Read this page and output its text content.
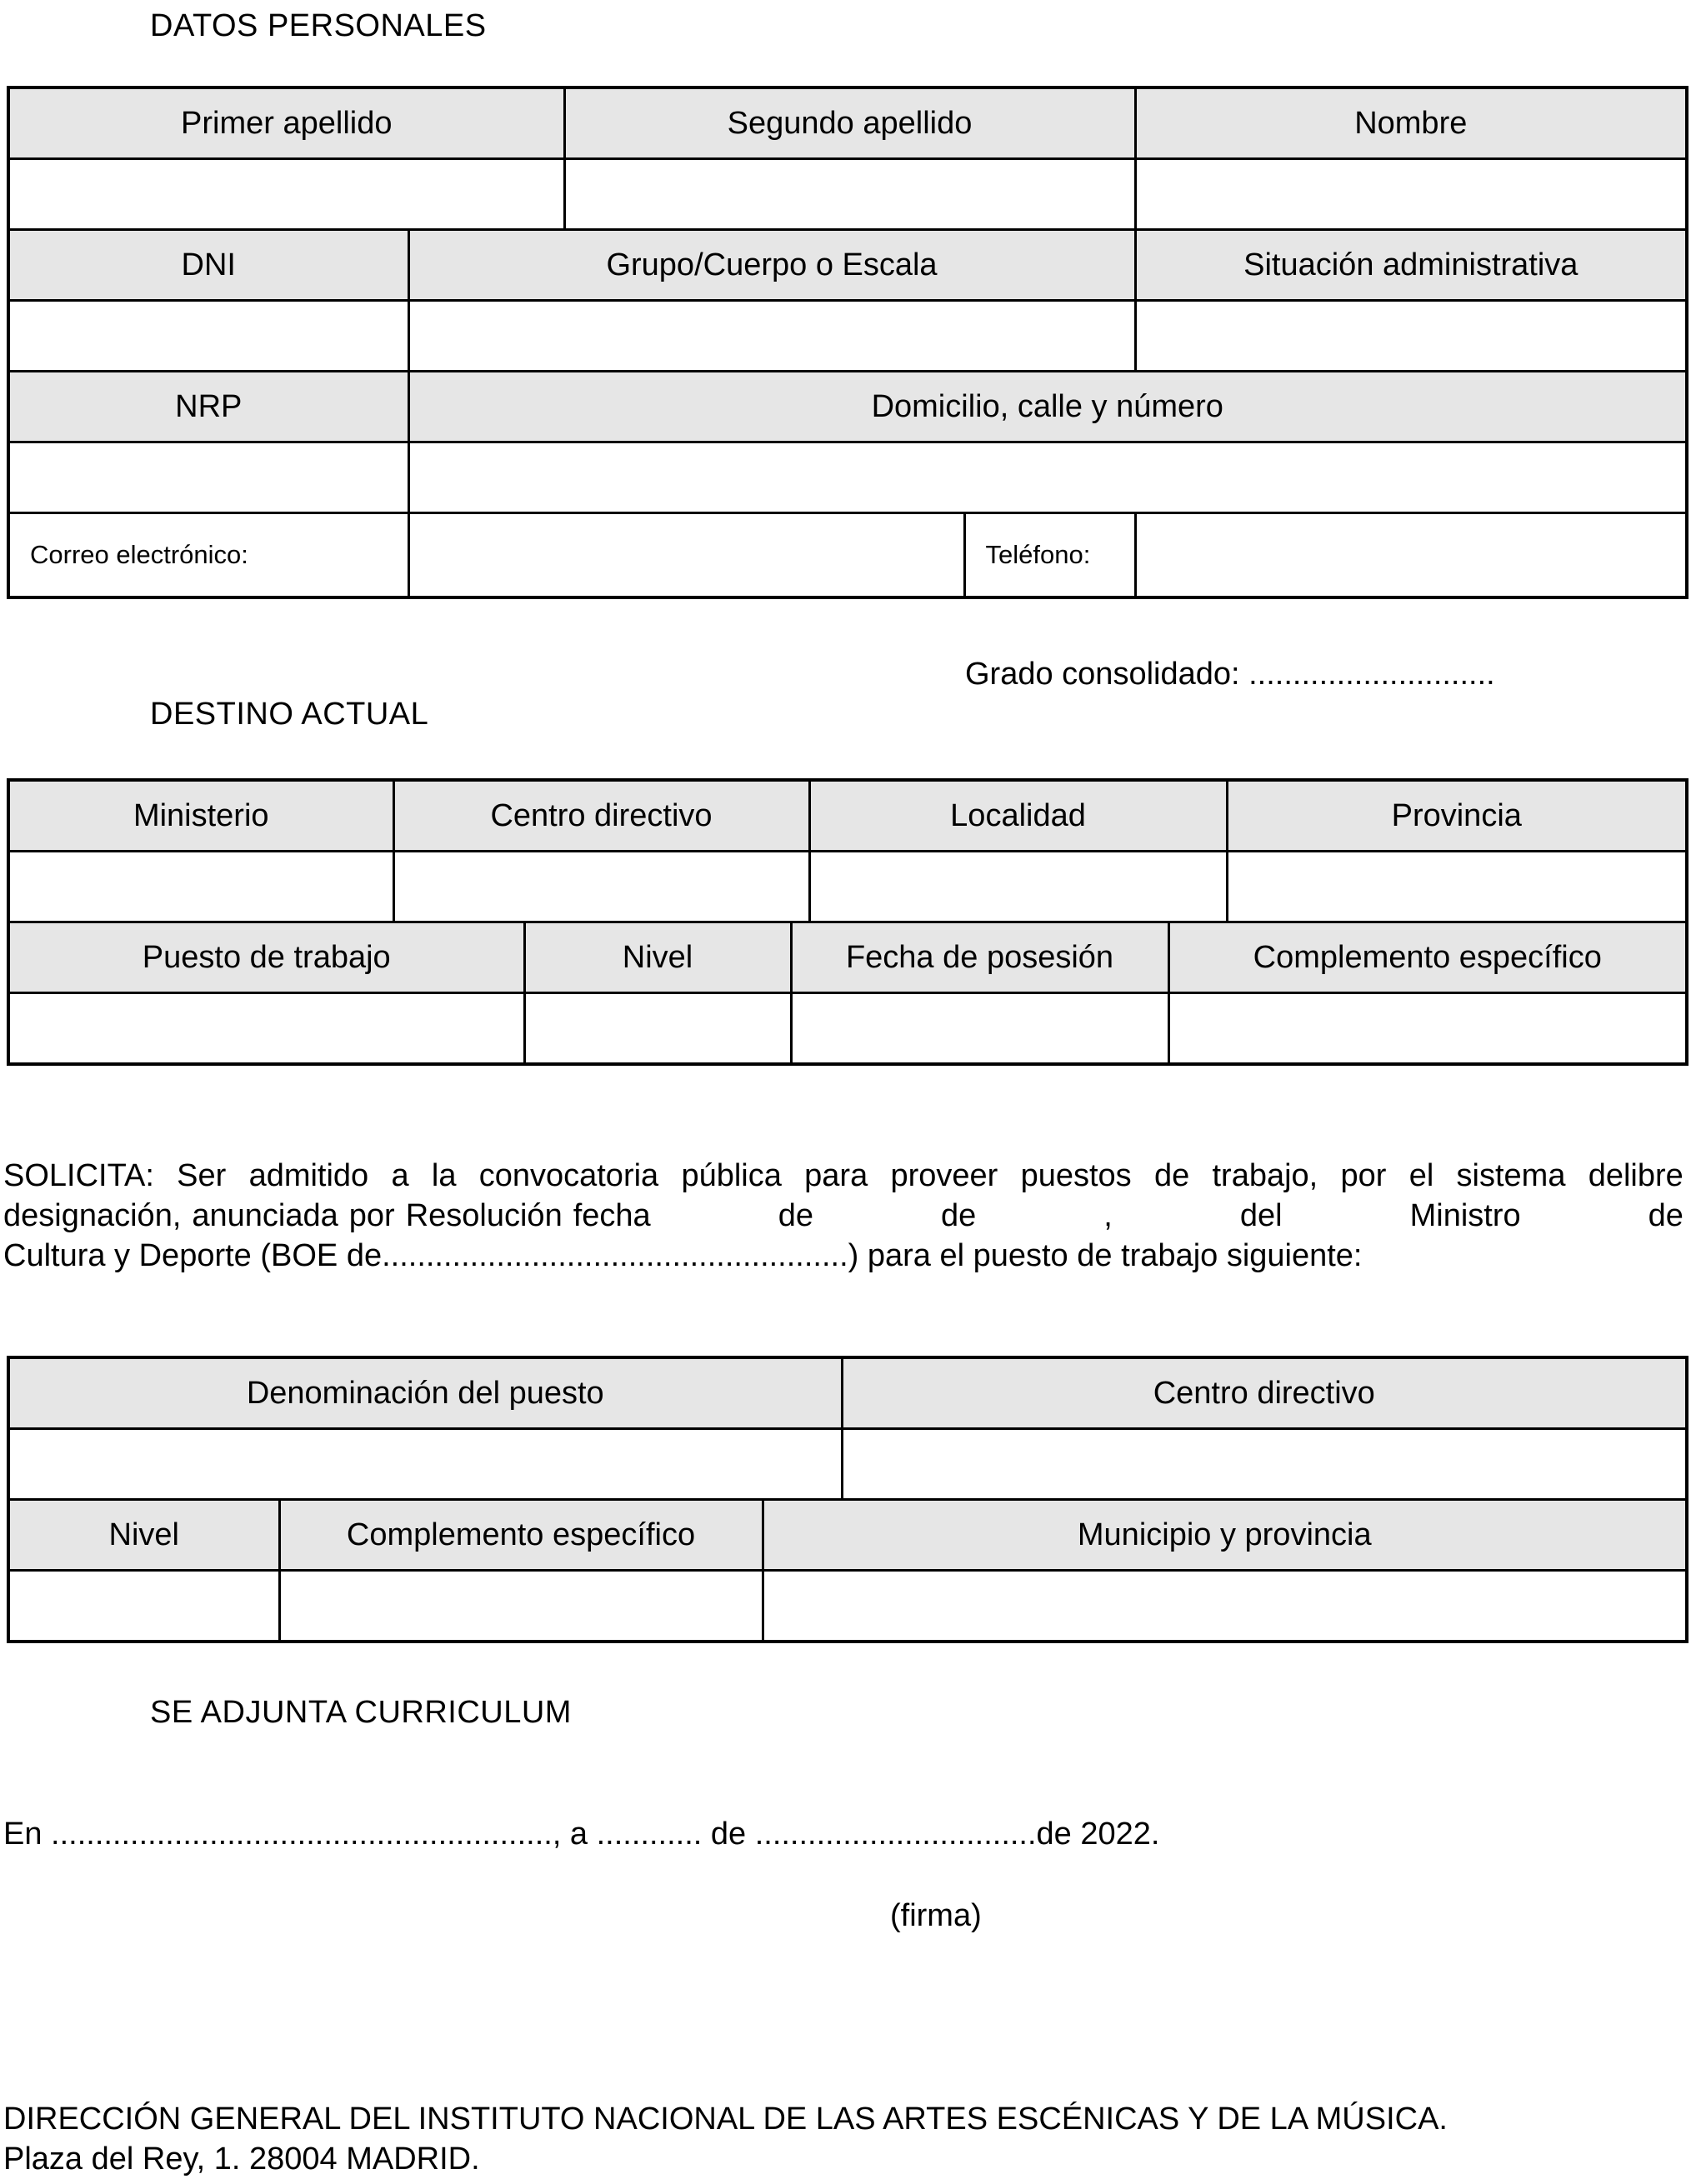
DATOS PERSONALES
Primer apellido		Segundo apellido		Nombre

DNI	Grupo/Cuerpo o Escala			Situación administrativa

NRP	Domicilio, calle y número			

Correo electrónico:			Teléfono:	
Grado consolidado: ............................
DESTINO ACTUAL
Ministerio	Centro directivo			Localidad		Provincia

Puesto de trabajo		Nivel	Fecha de posesión		Complemento específico	

SOLICITA: Ser admitido a la convocatoria pública para proveer puestos de trabajo, por el sistema delibre
designación, anunciada por Resolución fecha	de	de	,	del	Ministro	de
Cultura y Deporte (BOE de.....................................................) para el puesto de trabajo siguiente:
Denominación del puesto			Centro directivo

Nivel	Complemento específico	Municipio y provincia	

SE ADJUNTA CURRICULUM
En ........................................................., a ............ de ................................de 2022.
(firma)
DIRECCIÓN GENERAL DEL INSTITUTO NACIONAL DE LAS ARTES ESCÉNICAS Y DE LA MÚSICA.
Plaza del Rey, 1. 28004 MADRID.
